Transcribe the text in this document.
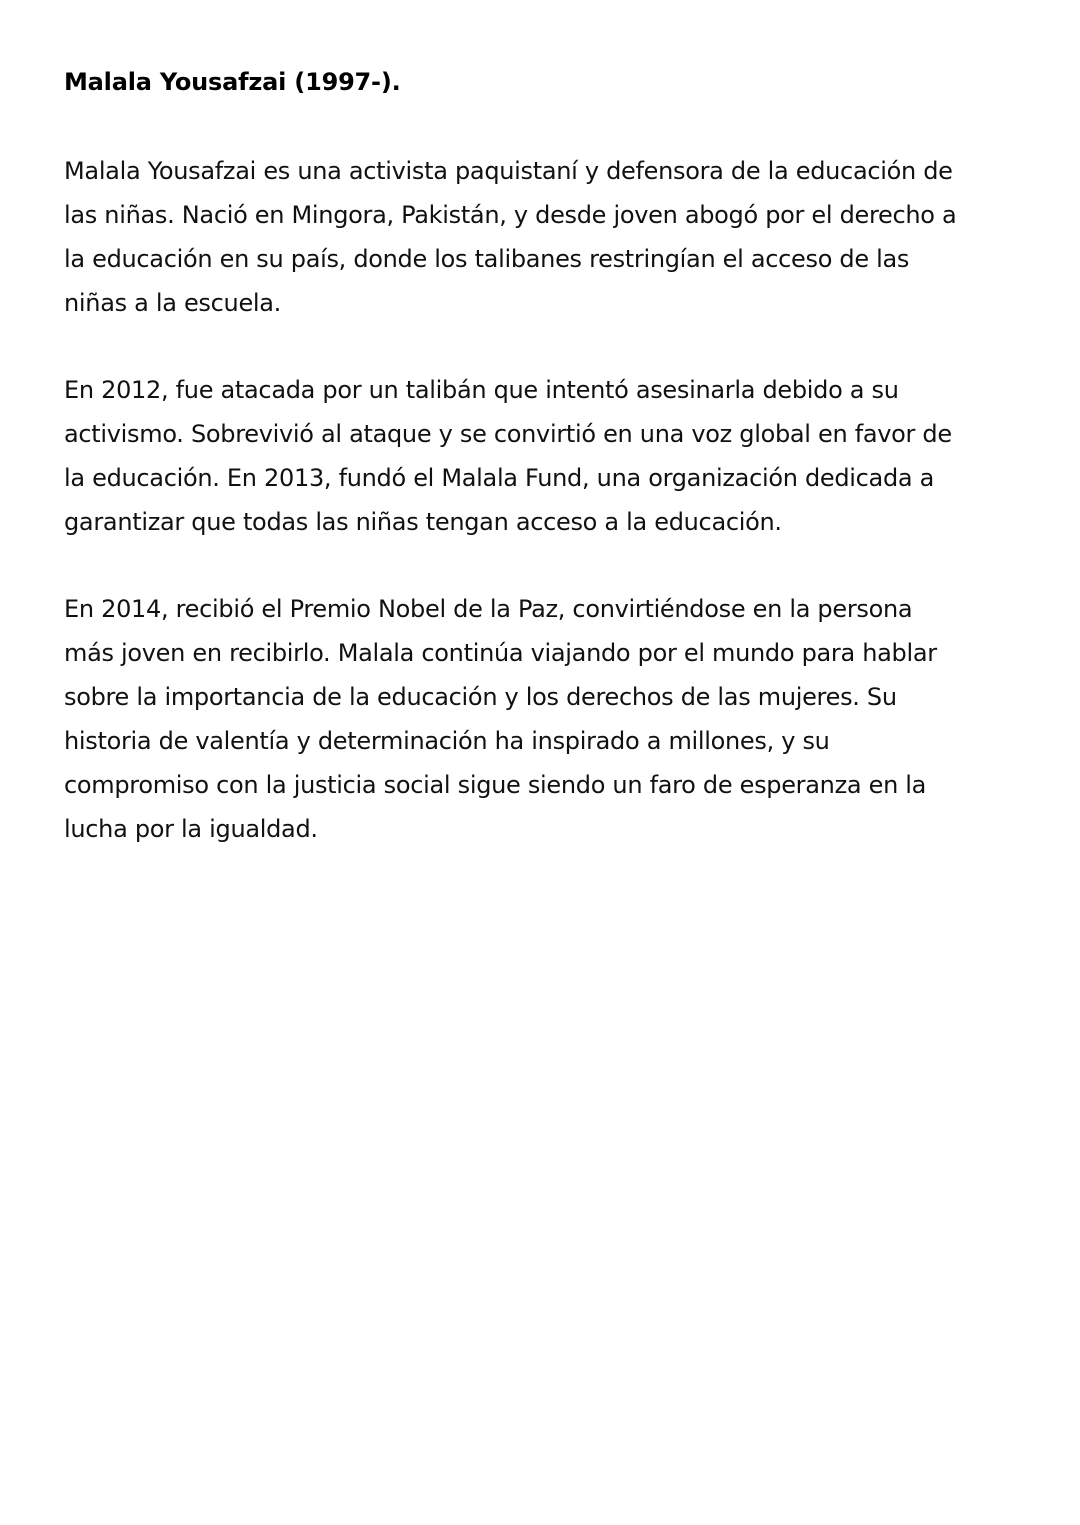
Malala Yousafzai (1997-).

Malala Yousafzai es una activista paquistaní y defensora de la educación de las niñas. Nació en Mingora, Pakistán, y desde joven abogó por el derecho a la educación en su país, donde los talibanes restringían el acceso de las niñas a la escuela.

En 2012, fue atacada por un talibán que intentó asesinarla debido a su activismo. Sobrevivió al ataque y se convirtió en una voz global en favor de la educación. En 2013, fundó el Malala Fund, una organización dedicada a garantizar que todas las niñas tengan acceso a la educación.

En 2014, recibió el Premio Nobel de la Paz, convirtiéndose en la persona más joven en recibirlo. Malala continúa viajando por el mundo para hablar sobre la importancia de la educación y los derechos de las mujeres. Su historia de valentía y determinación ha inspirado a millones, y su compromiso con la justicia social sigue siendo un faro de esperanza en la lucha por la igualdad.
